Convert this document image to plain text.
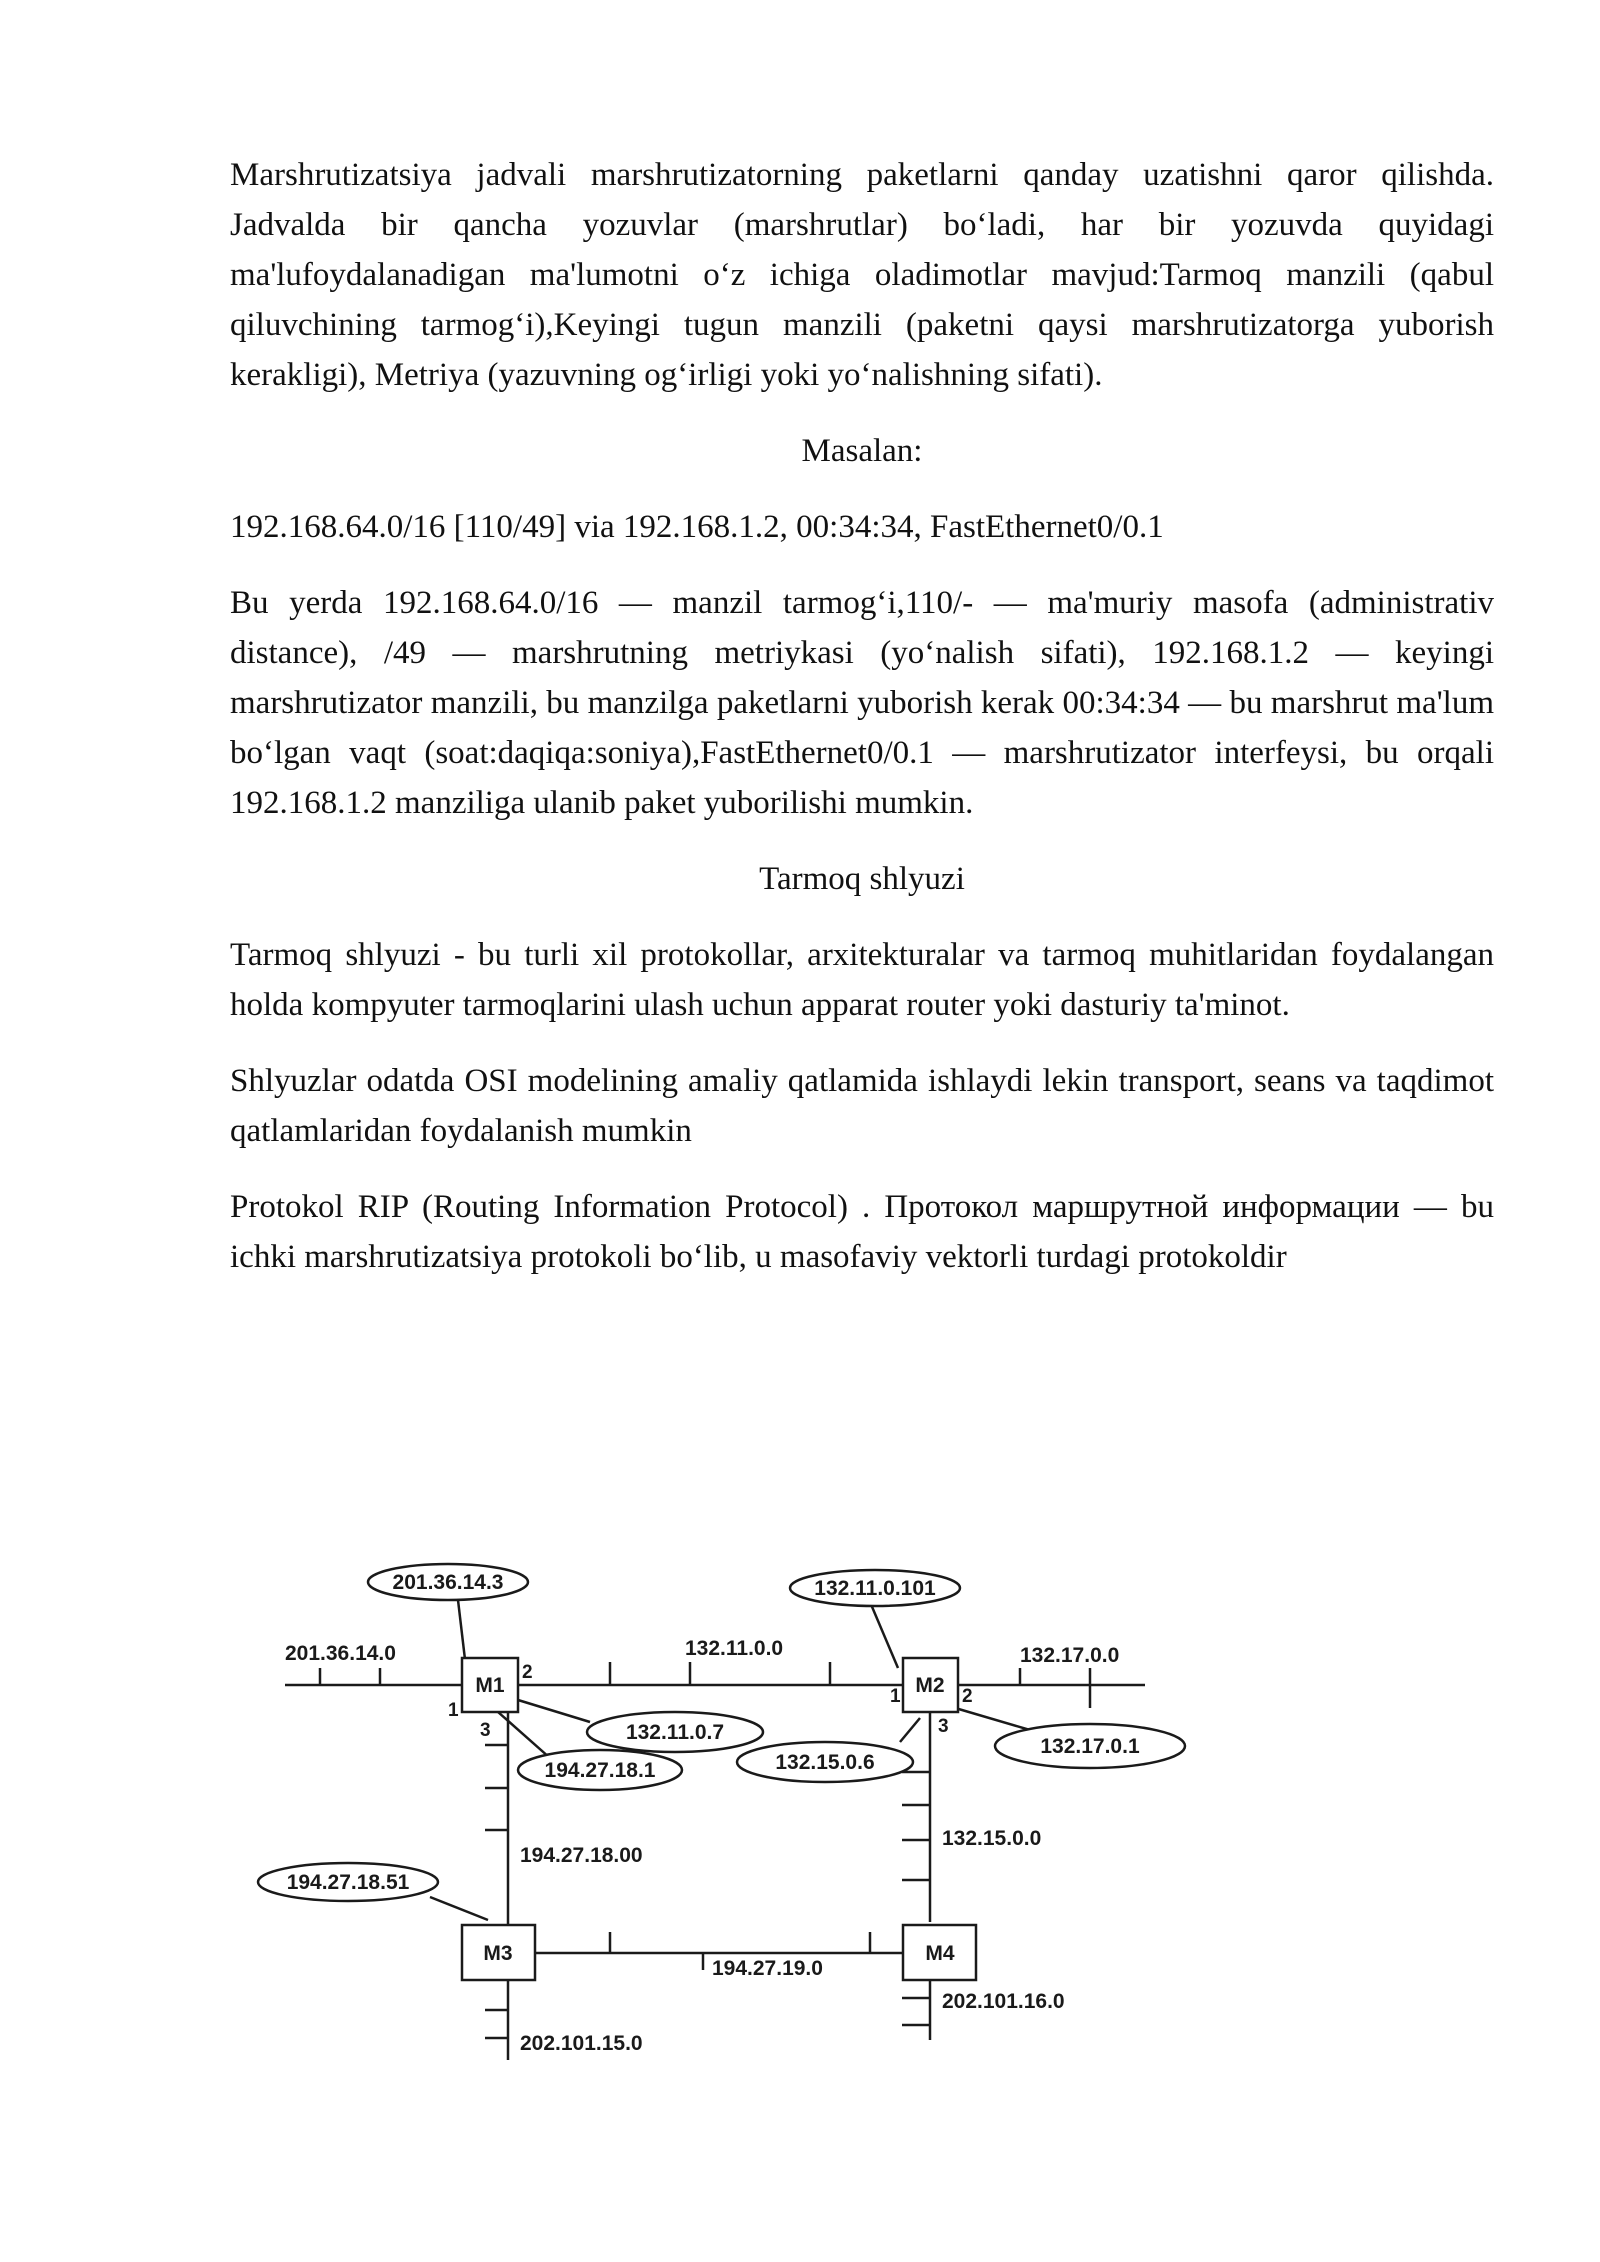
Marshrutizatsiya jadvali marshrutizatorning paketlarni qanday uzatishni qaror qilishda. Jadvalda bir qancha yozuvlar (marshrutlar) bo‘ladi, har bir yozuvda quyidagi ma'lufoydalanadigan ma'lumotni o‘z ichiga oladimotlar mavjud:Tarmoq manzili (qabul qiluvchining tarmog‘i),Keyingi tugun manzili (paketni qaysi marshrutizatorga yuborish kerakligi), Metriya (yazuvning og‘irligi yoki yo‘nalishning sifati).

Masalan:

192.168.64.0/16 [110/49] via 192.168.1.2, 00:34:34, FastEthernet0/0.1

Bu yerda 192.168.64.0/16 — manzil tarmog‘i,110/- — ma'muriy masofa (administrativ distance), /49 — marshrutning metriykasi (yo‘nalish sifati), 192.168.1.2 — keyingi marshrutizator manzili, bu manzilga paketlarni yuborish kerak 00:34:34 — bu marshrut ma'lum bo‘lgan vaqt (soat:daqiqa:soniya),FastEthernet0/0.1 — marshrutizator interfeysi, bu orqali 192.168.1.2 manziliga ulanib paket yuborilishi mumkin.

Tarmoq shlyuzi

Tarmoq shlyuzi - bu turli xil protokollar, arxitekturalar va tarmoq muhitlaridan foydalangan holda kompyuter tarmoqlarini ulash uchun apparat router yoki dasturiy ta'minot.

Shlyuzlar odatda OSI modelining amaliy qatlamida ishlaydi lekin transport, seans va taqdimot qatlamlaridan foydalanish mumkin

Protokol RIP (Routing Information Protocol) . Протокол маршрутной информации — bu ichki marshrutizatsiya protokoli bo‘lib, u masofaviy vektorli turdagi protokoldir

M1	M2
M3	M4
1
2
3
1	2
3
201.36.14.0	132.11.0.0	132.17.0.0
194.27.18.00
132.15.0.0
194.27.19.0
202.101.15.0
202.101.16.0
201.36.14.3	132.11.0.101
132.11.0.7
194.27.18.1	132.15.0.6
132.17.0.1
194.27.18.51
